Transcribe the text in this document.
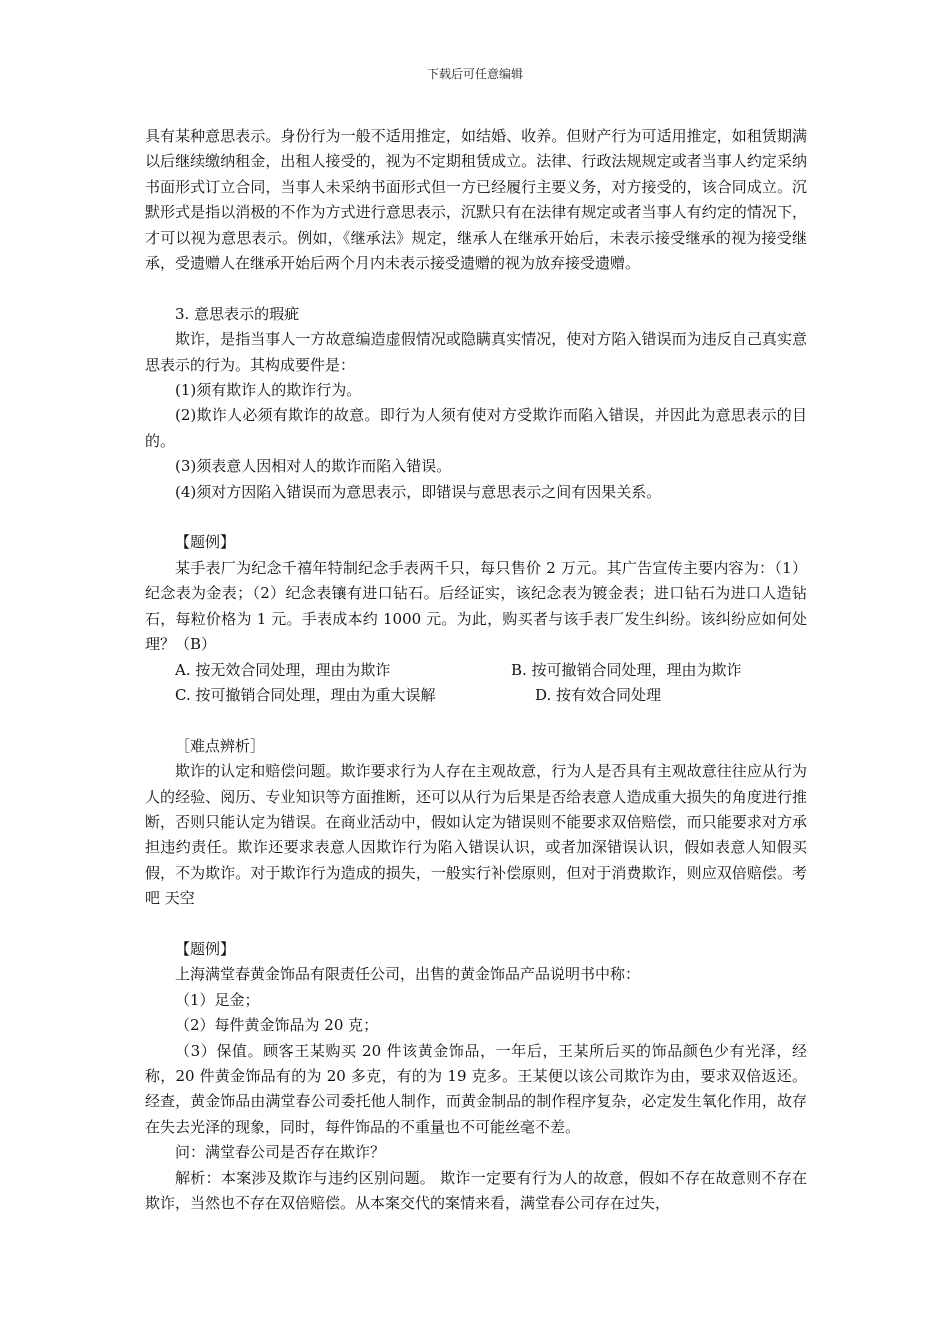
下载后可任意编辑

具有某种意思表示。身份行为一般不适用推定，如结婚、收养。但财产行为可适用推定，如租赁期满以后继续缴纳租金，出租人接受的，视为不定期租赁成立。法律、行政法规规定或者当事人约定采纳书面形式订立合同，当事人未采纳书面形式但一方已经履行主要义务，对方接受的，该合同成立。沉默形式是指以消极的不作为方式进行意思表示，沉默只有在法律有规定或者当事人有约定的情况下，才可以视为意思表示。例如，《继承法》规定，继承人在继承开始后，未表示接受继承的视为接受继承，受遗赠人在继承开始后两个月内未表示接受遗赠的视为放弃接受遗赠。

3. 意思表示的瑕疵

欺诈，是指当事人一方故意编造虚假情况或隐瞒真实情况，使对方陷入错误而为违反自己真实意思表示的行为。其构成要件是：

(1)须有欺诈人的欺诈行为。

(2)欺诈人必须有欺诈的故意。即行为人须有使对方受欺诈而陷入错误，并因此为意思表示的目的。

(3)须表意人因相对人的欺诈而陷入错误。

(4)须对方因陷入错误而为意思表示，即错误与意思表示之间有因果关系。

【题例】

某手表厂为纪念千禧年特制纪念手表两千只，每只售价 2 万元。其广告宣传主要内容为：（1）纪念表为金表；（2）纪念表镶有进口钻石。后经证实，该纪念表为镀金表；进口钻石为进口人造钻石，每粒价格为 1 元。手表成本约 1000 元。为此，购买者与该手表厂发生纠纷。该纠纷应如何处理？（B）

A. 按无效合同处理，理由为欺诈	B. 按可撤销合同处理，理由为欺诈
C. 按可撤销合同处理，理由为重大误解	D. 按有效合同处理

［难点辨析］

欺诈的认定和赔偿问题。欺诈要求行为人存在主观故意，行为人是否具有主观故意往往应从行为人的经验、阅历、专业知识等方面推断，还可以从行为后果是否给表意人造成重大损失的角度进行推断，否则只能认定为错误。在商业活动中，假如认定为错误则不能要求双倍赔偿，而只能要求对方承担违约责任。欺诈还要求表意人因欺诈行为陷入错误认识，或者加深错误认识，假如表意人知假买假，不为欺诈。对于欺诈行为造成的损失，一般实行补偿原则，但对于消费欺诈，则应双倍赔偿。考吧 天空

【题例】

上海满堂春黄金饰品有限责任公司，出售的黄金饰品产品说明书中称：

（1）足金；

（2）每件黄金饰品为 20 克；

（3）保值。顾客王某购买 20 件该黄金饰品，一年后，王某所后买的饰品颜色少有光泽，经称，20 件黄金饰品有的为 20 多克，有的为 19 克多。王某便以该公司欺诈为由，要求双倍返还。经查，黄金饰品由满堂春公司委托他人制作，而黄金制品的制作程序复杂，必定发生氧化作用，故存在失去光泽的现象，同时，每件饰品的不重量也不可能丝毫不差。

问：满堂春公司是否存在欺诈？

解析：本案涉及欺诈与违约区别问题。 欺诈一定要有行为人的故意，假如不存在故意则不存在欺诈，当然也不存在双倍赔偿。从本案交代的案情来看，满堂春公司存在过失，
